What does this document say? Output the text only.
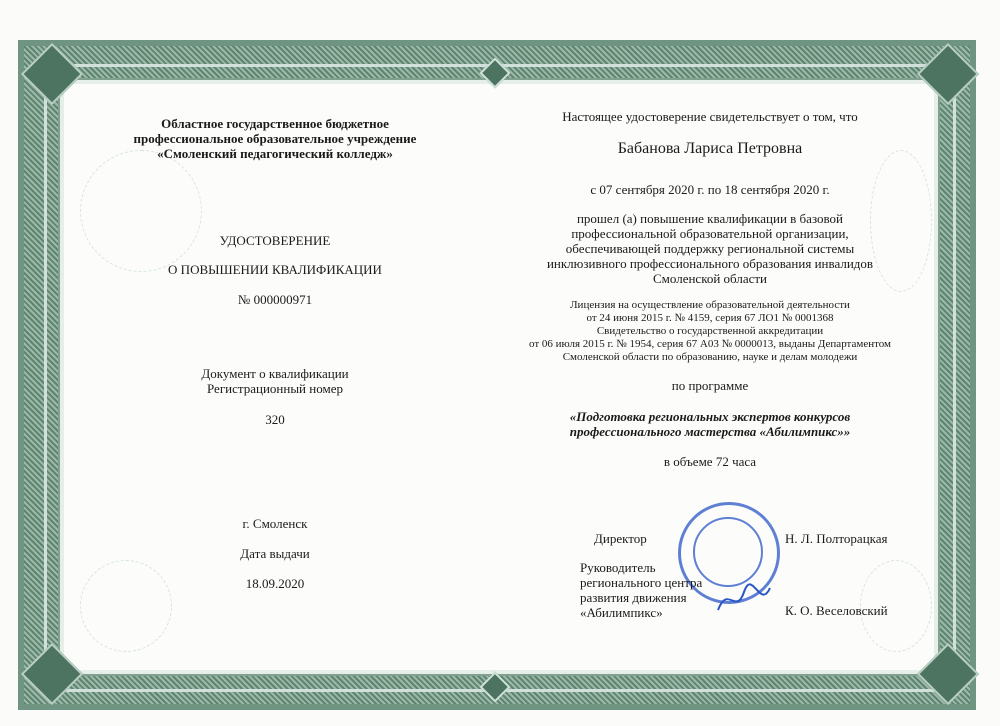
Областное государственное бюджетное
профессиональное образовательное учреждение
«Смоленский педагогический колледж»
УДОСТОВЕРЕНИЕ
О ПОВЫШЕНИИ КВАЛИФИКАЦИИ
№ 000000971
Документ о квалификации
Регистрационный номер
320
г. Смоленск
Дата выдачи
18.09.2020
Настоящее удостоверение свидетельствует о том, что
Бабанова Лариса Петровна
с 07 сентября 2020 г. по 18 сентября 2020 г.
прошел (а) повышение квалификации в базовой
профессиональной образовательной организации,
обеспечивающей поддержку региональной системы
инклюзивного профессионального образования инвалидов
Смоленской области
Лицензия на осуществление образовательной деятельности
от 24 июня 2015 г. № 4159, серия 67 ЛО1 № 0001368
Свидетельство о государственной аккредитации
от 06 июля 2015 г. № 1954, серия 67 А03 № 0000013, выданы Департаментом
Смоленской области по образованию, науке и делам молодежи
по программе
«Подготовка региональных экспертов конкурсов
профессионального мастерства «Абилимпикс»»
в объеме 72 часа
Директор	Н. Л. Полторацкая
Руководитель
регионального центра
развития движения
«Абилимпикс»	К. О. Веселовский
